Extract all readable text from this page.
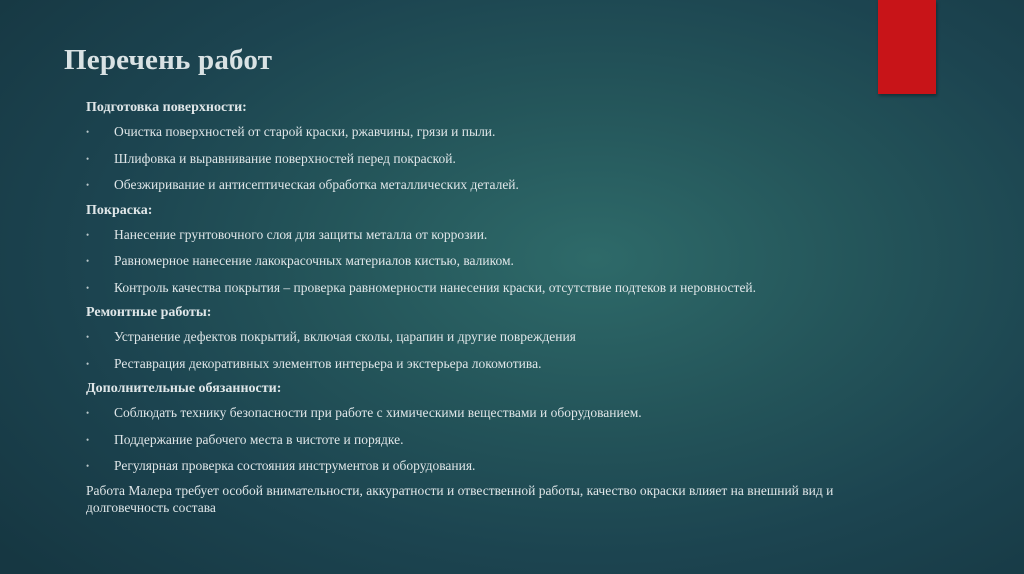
Перечень работ
Подготовка поверхности:
• Очистка поверхностей от старой краски, ржавчины, грязи и пыли.
• Шлифовка и выравнивание поверхностей перед покраской.
• Обезжиривание и антисептическая обработка металлических деталей.
Покраска:
• Нанесение грунтовочного слоя для защиты металла от коррозии.
• Равномерное нанесение лакокрасочных материалов кистью, валиком.
• Контроль качества покрытия – проверка равномерности нанесения краски, отсутствие подтеков и неровностей.
Ремонтные работы:
• Устранение дефектов покрытий, включая сколы, царапин и другие повреждения
• Реставрация декоративных элементов интерьера и экстерьера локомотива.
Дополнительные обязанности:
• Соблюдать технику безопасности при работе с химическими веществами и оборудованием.
• Поддержание рабочего места в чистоте и порядке.
• Регулярная проверка состояния инструментов и оборудования.
Работа Малера требует особой внимательности, аккуратности и отвественной работы, качество окраски влияет на внешний вид и долговечность состава
